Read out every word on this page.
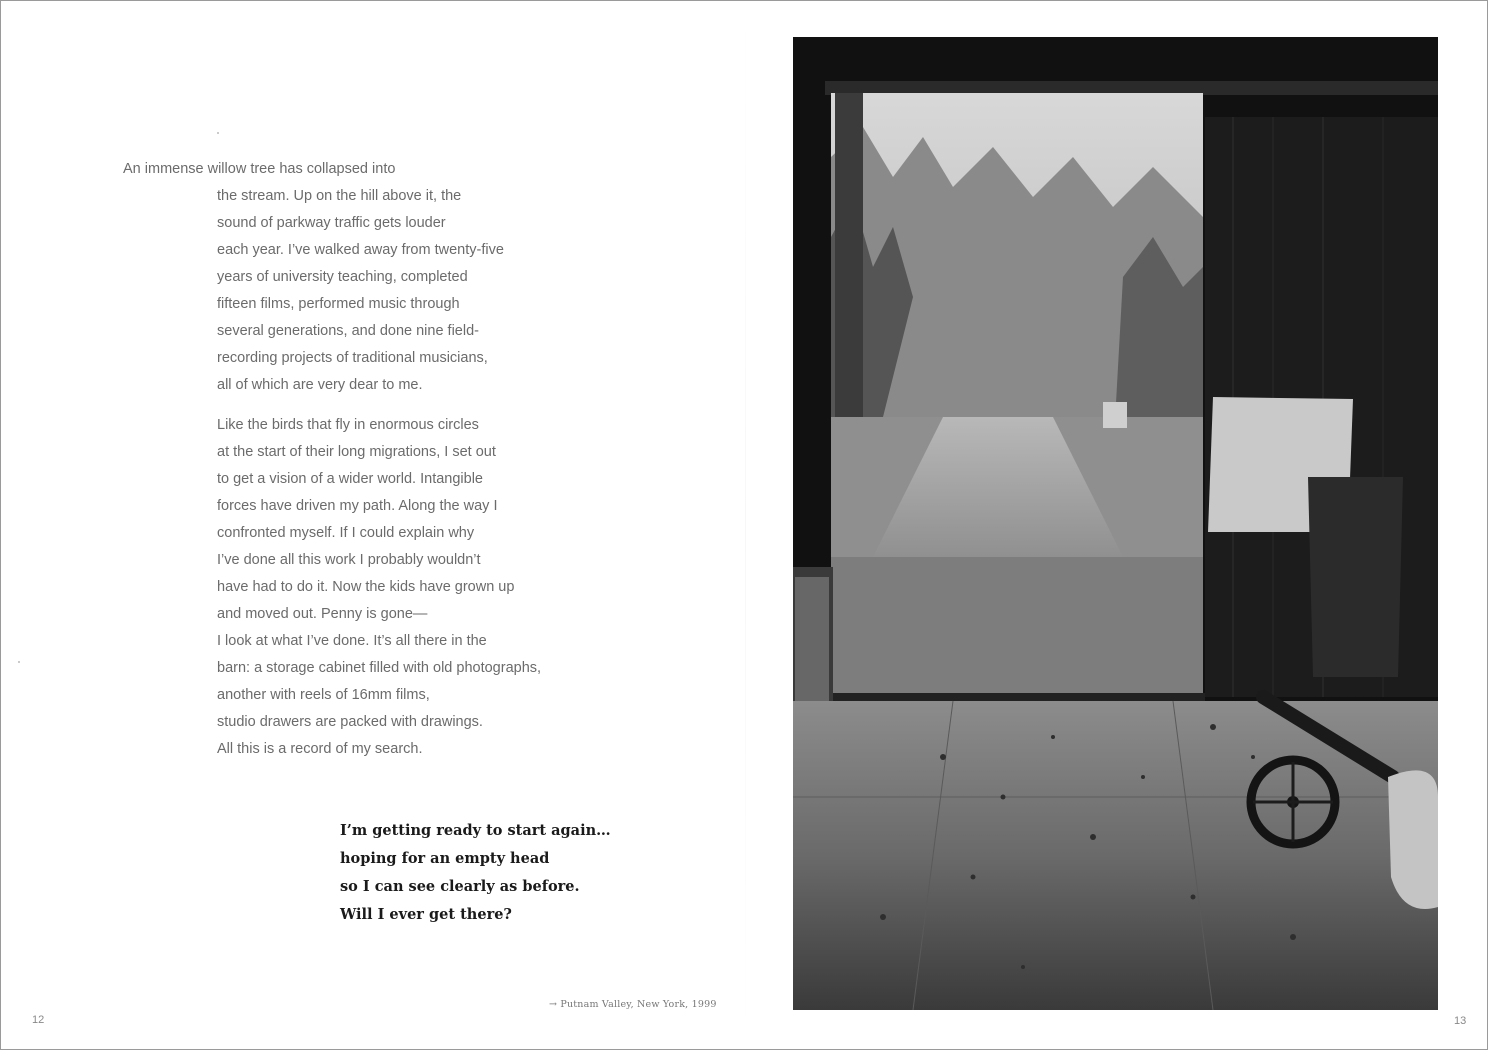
An immense willow tree has collapsed into
the stream. Up on the hill above it, the
sound of parkway traffic gets louder
each year. I’ve walked away from twenty-five
years of university teaching, completed
fifteen films, performed music through
several generations, and done nine field-
recording projects of traditional musicians,
all of which are very dear to me.
Like the birds that fly in enormous circles
at the start of their long migrations, I set out
to get a vision of a wider world. Intangible
forces have driven my path. Along the way I
confronted myself. If I could explain why
I’ve done all this work I probably wouldn’t
have had to do it. Now the kids have grown up
and moved out. Penny is gone—
I look at what I’ve done. It’s all there in the
barn: a storage cabinet filled with old photographs,
another with reels of 16mm films,
studio drawers are packed with drawings.
All this is a record of my search.
I’m getting ready to start again…
hoping for an empty head
so I can see clearly as before.
Will I ever get there?
→ Putnam Valley, New York, 1999
12	13
